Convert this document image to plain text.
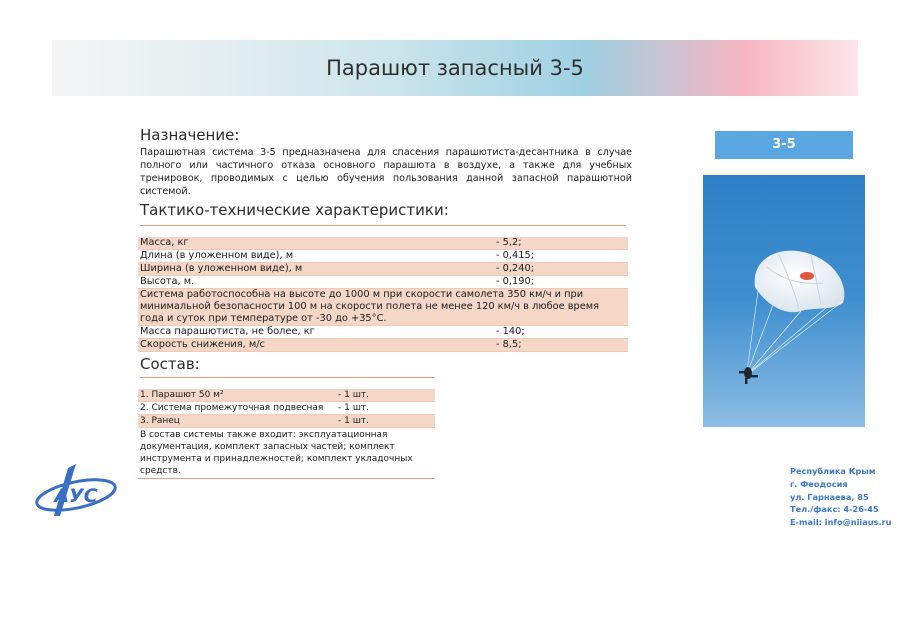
Парашют запасный 3-5
Назначение:
Парашютная система 3-5 предназначена для спасения парашютиста-десантника в случае полного или частичного отказа основного парашюта в воздухе, а также для учебных тренировок, проводимых с целью обучения пользования данной запасной парашютной системой.
Тактико-технические характеристики:
Масса, кг	- 5,2;
Длина (в уложенном виде), м	- 0,415;
Ширина (в уложенном виде), м	- 0,240;
Высота, м.	- 0,190;
Система работоспособна на высоте до 1000 м при скорости самолета 350 км/ч и при минимальной безопасности 100 м на скорости полета не менее 120 км/ч в любое время года и суток при температуре от -30 до +35°С.
Масса парашютиста, не более, кг	- 140;
Скорость снижения, м/с	- 8,5;
Состав:
1. Парашют 50 м²	- 1 шт.
2. Система промежуточная подвесная	- 1 шт.
3. Ранец	- 1 шт.
В состав системы также входит: эксплуатационная документация, комплект запасных частей; комплект инструмента и принадлежностей; комплект укладочных средств.
3-5
АУС
Республика Крым
г. Феодосия
ул. Гарнаева, 85
Тел./факс: 4-26-45
E-mail: info@niiaus.ru
